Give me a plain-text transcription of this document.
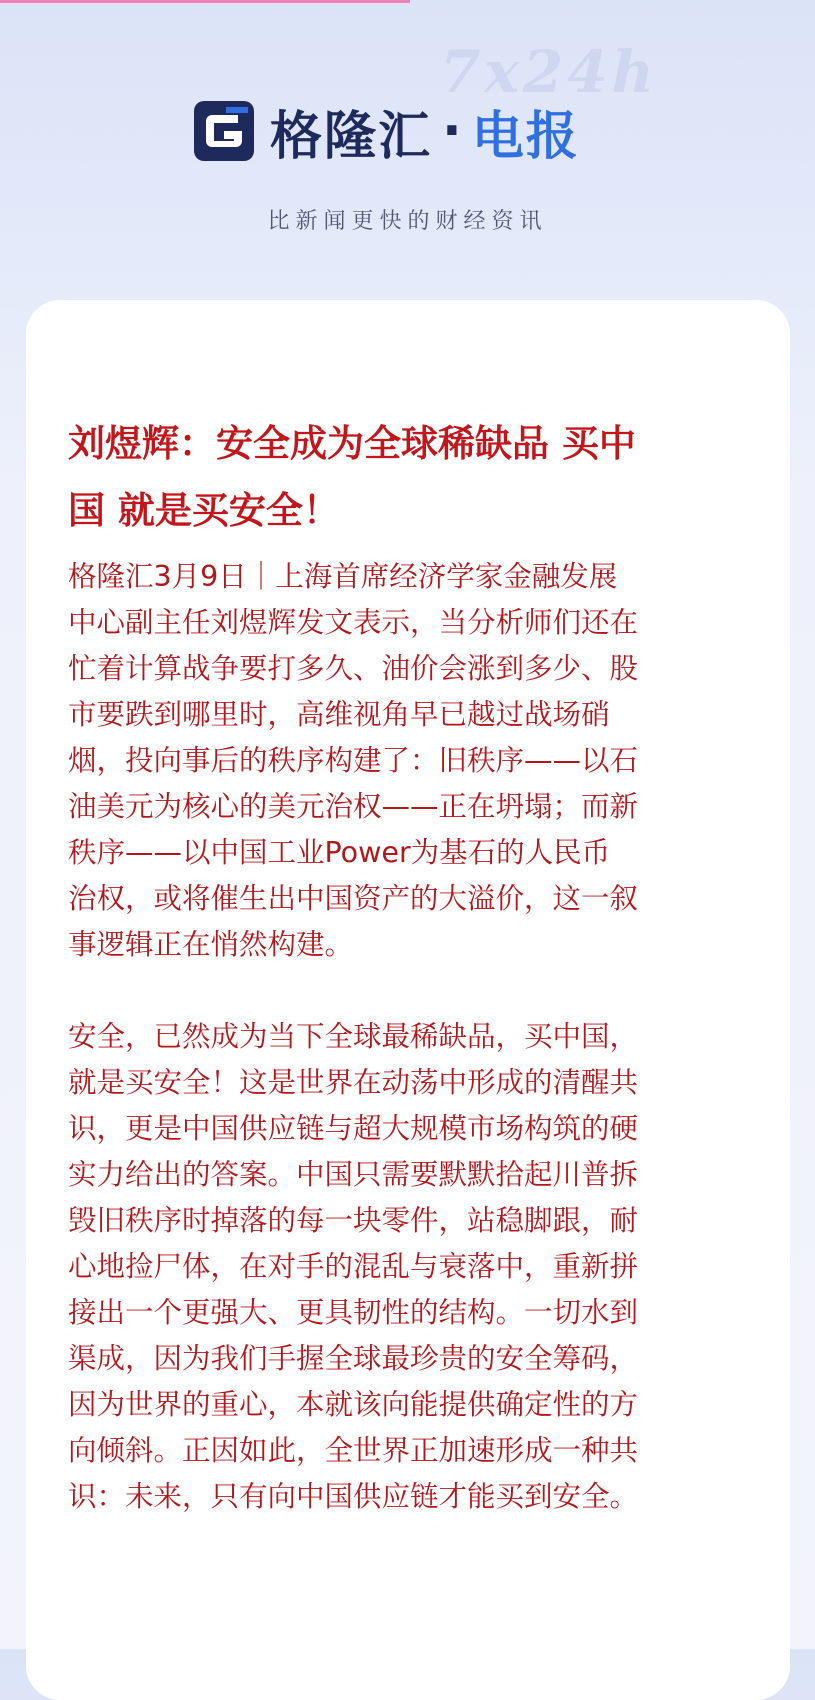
7x24h
格隆汇 · 电报
比新闻更快的财经资讯
刘煜辉：安全成为全球稀缺品 买中
国 就是买安全！

格隆汇3月9日｜上海首席经济学家金融发展
中心副主任刘煜辉发文表示，当分析师们还在
忙着计算战争要打多久、油价会涨到多少、股
市要跌到哪里时，高维视角早已越过战场硝
烟，投向事后的秩序构建了：旧秩序——以石
油美元为核心的美元治权——正在坍塌；而新
秩序——以中国工业Power为基石的人民币
治权，或将催生出中国资产的大溢价，这一叙
事逻辑正在悄然构建。

安全，已然成为当下全球最稀缺品，买中国，
就是买安全！这是世界在动荡中形成的清醒共
识，更是中国供应链与超大规模市场构筑的硬
实力给出的答案。中国只需要默默拾起川普拆
毁旧秩序时掉落的每一块零件，站稳脚跟，耐
心地捡尸体，在对手的混乱与衰落中，重新拼
接出一个更强大、更具韧性的结构。一切水到
渠成，因为我们手握全球最珍贵的安全筹码，
因为世界的重心，本就该向能提供确定性的方
向倾斜。正因如此，全世界正加速形成一种共
识：未来，只有向中国供应链才能买到安全。
